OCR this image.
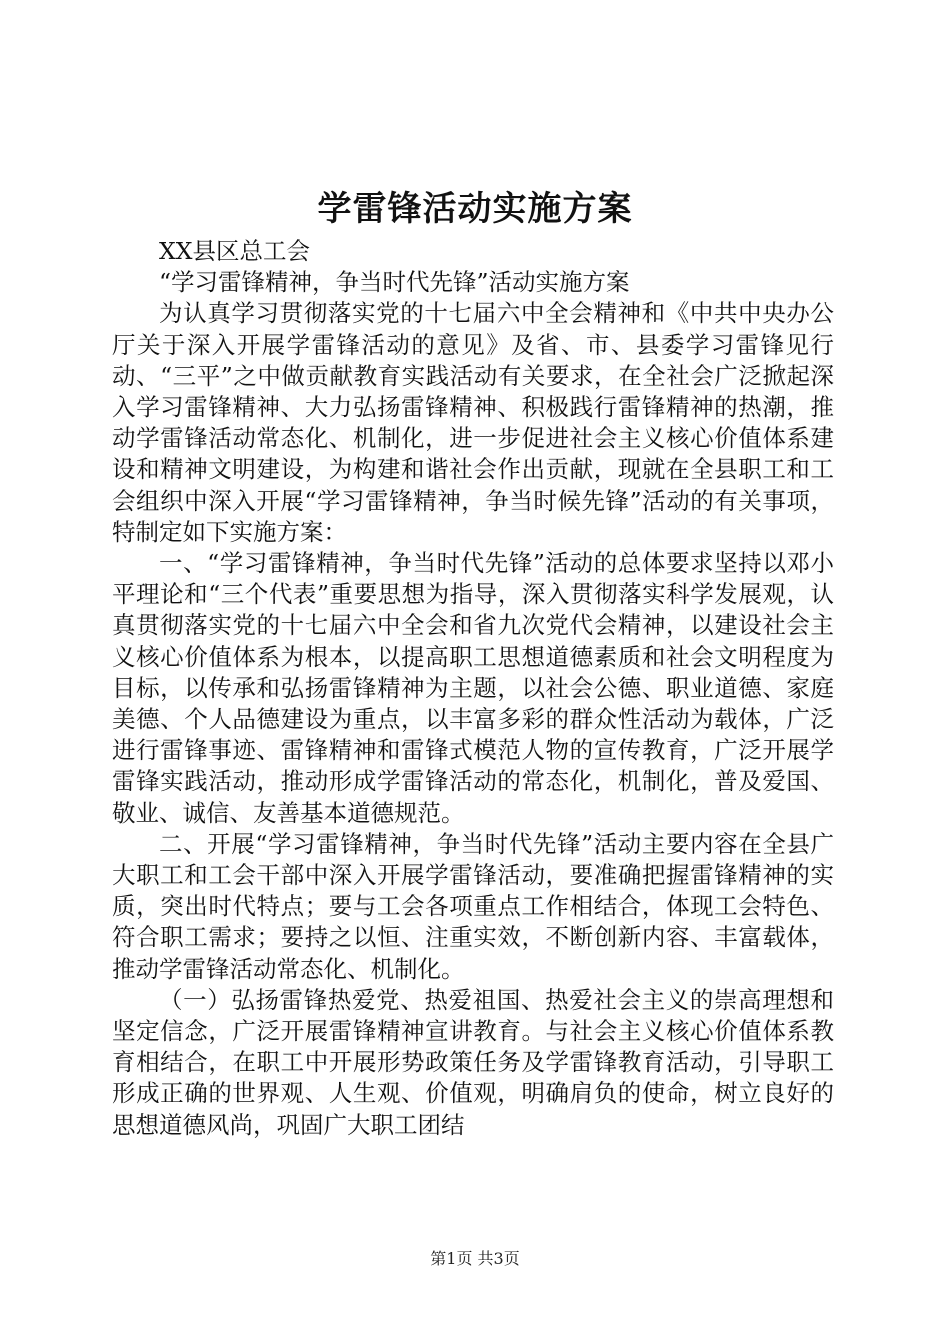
学雷锋活动实施方案

XX县区总工会

“学习雷锋精神，争当时代先锋”活动实施方案

为认真学习贯彻落实党的十七届六中全会精神和《中共中央办公厅关于深入开展学雷锋活动的意见》及省、市、县委学习雷锋见行动、“三平”之中做贡献教育实践活动有关要求，在全社会广泛掀起深入学习雷锋精神、大力弘扬雷锋精神、积极践行雷锋精神的热潮，推动学雷锋活动常态化、机制化，进一步促进社会主义核心价值体系建设和精神文明建设，为构建和谐社会作出贡献，现就在全县职工和工会组织中深入开展“学习雷锋精神，争当时候先锋”活动的有关事项，特制定如下实施方案：

一、“学习雷锋精神，争当时代先锋”活动的总体要求坚持以邓小平理论和“三个代表”重要思想为指导，深入贯彻落实科学发展观，认真贯彻落实党的十七届六中全会和省九次党代会精神，以建设社会主义核心价值体系为根本，以提高职工思想道德素质和社会文明程度为目标，以传承和弘扬雷锋精神为主题，以社会公德、职业道德、家庭美德、个人品德建设为重点，以丰富多彩的群众性活动为载体，广泛进行雷锋事迹、雷锋精神和雷锋式模范人物的宣传教育，广泛开展学雷锋实践活动，推动形成学雷锋活动的常态化，机制化，普及爱国、敬业、诚信、友善基本道德规范。

二、开展“学习雷锋精神，争当时代先锋”活动主要内容在全县广大职工和工会干部中深入开展学雷锋活动，要准确把握雷锋精神的实质，突出时代特点；要与工会各项重点工作相结合，体现工会特色、符合职工需求；要持之以恒、注重实效，不断创新内容、丰富载体，推动学雷锋活动常态化、机制化。

（一）弘扬雷锋热爱党、热爱祖国、热爱社会主义的崇高理想和坚定信念，广泛开展雷锋精神宣讲教育。与社会主义核心价值体系教育相结合，在职工中开展形势政策任务及学雷锋教育活动，引导职工形成正确的世界观、人生观、价值观，明确肩负的使命，树立良好的思想道德风尚，巩固广大职工团结

第1页 共3页
